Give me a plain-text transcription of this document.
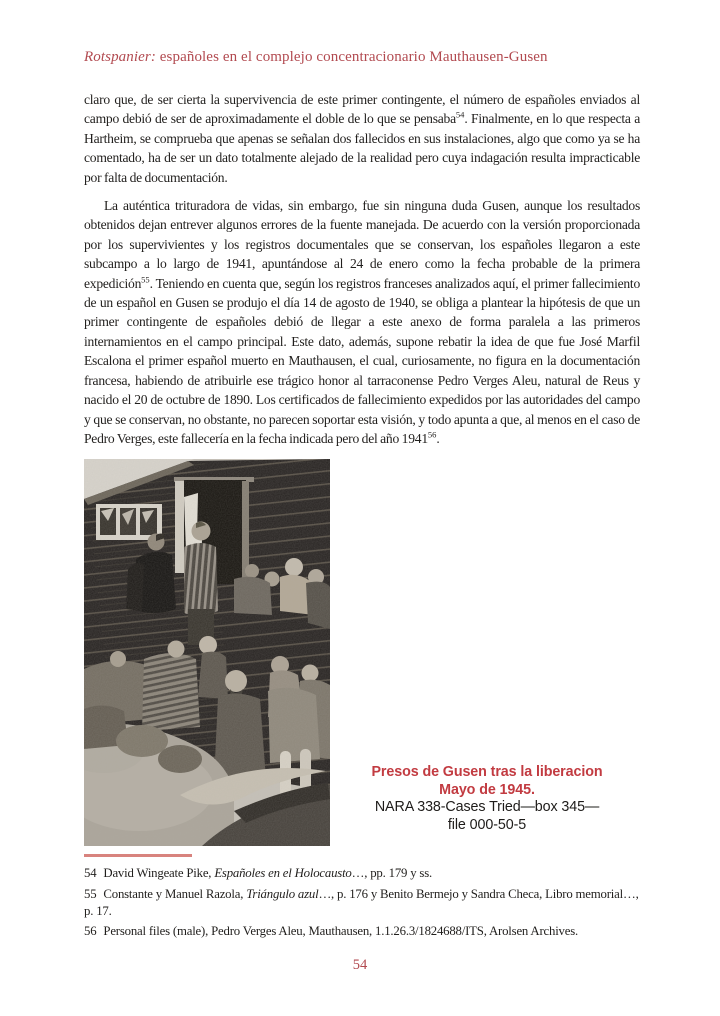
Rotspanier: españoles en el complejo concentracionario Mauthausen-Gusen

claro que, de ser cierta la supervivencia de este primer contingente, el número de españoles enviados al campo debió de ser de aproximadamente el doble de lo que se pensaba$^{54}$. Finalmente, en lo que respecta a Hartheim, se comprueba que apenas se señalan dos fallecidos en sus instalaciones, algo que como ya se ha comentado, ha de ser un dato totalmente alejado de la realidad pero cuya indagación resulta impracticable por falta de documentación.

La auténtica trituradora de vidas, sin embargo, fue sin ninguna duda Gusen, aunque los resultados obtenidos dejan entrever algunos errores de la fuente manejada. De acuerdo con la versión proporcionada por los supervivientes y los registros documentales que se conservan, los españoles llegaron a este subcampo a lo largo de 1941, apuntándose al 24 de enero como la fecha probable de la primera expedición$^{55}$. Teniendo en cuenta que, según los registros franceses analizados aquí, el primer fallecimiento de un español en Gusen se produjo el día 14 de agosto de 1940, se obliga a plantear la hipótesis de que un primer contingente de españoles debió de llegar a este anexo de forma paralela a las primeros internamientos en el campo principal. Este dato, además, supone rebatir la idea de que fue José Marfil Escalona el primer español muerto en Mauthausen, el cual, curiosamente, no figura en la documentación francesa, habiendo de atribuirle ese trágico honor al tarraconense Pedro Verges Aleu, natural de Reus y nacido el 20 de octubre de 1890. Los certificados de fallecimiento expedidos por las autoridades del campo y que se conservan, no obstante, no parecen soportar esta visión, y todo apunta a que, al menos en el caso de Pedro Verges, este fallecería en la fecha indicada pero del año 1941$^{56}$.

Presos de Gusen tras la liberacion
Mayo de 1945.
NARA 338-Cases Tried—box 345—
file 000-50-5
54 David Wingeate Pike, Españoles en el Holocausto…, pp. 179 y ss.
55 Constante y Manuel Razola, Triángulo azul…, p. 176 y Benito Bermejo y Sandra Checa, Libro memorial…, p. 17.
56 Personal files (male), Pedro Verges Aleu, Mauthausen, 1.1.26.3/1824688/ITS, Arolsen Archives.
54
